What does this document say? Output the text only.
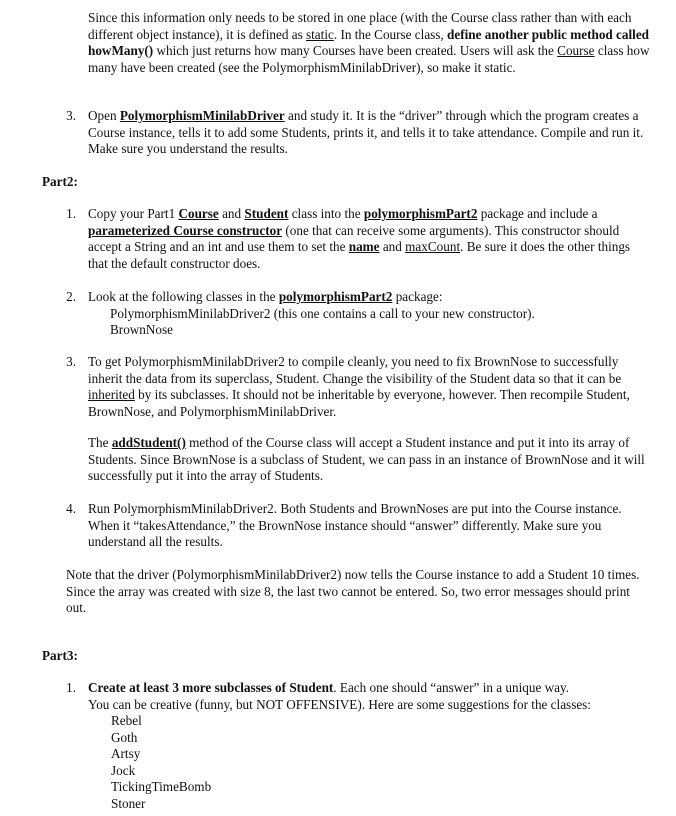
Since this information only needs to be stored in one place (with the Course class rather than with each different object instance), it is defined as static. In the Course class, define another public method called howMany() which just returns how many Courses have been created. Users will ask the Course class how many have been created (see the PolymorphismMinilabDriver), so make it static.

3. Open PolymorphismMinilabDriver and study it. It is the “driver” through which the program creates a Course instance, tells it to add some Students, prints it, and tells it to take attendance. Compile and run it. Make sure you understand the results.

Part2:
1. Copy your Part1 Course and Student class into the polymorphismPart2 package and include a parameterized Course constructor (one that can receive some arguments). This constructor should accept a String and an int and use them to set the name and maxCount. Be sure it does the other things that the default constructor does.

2. Look at the following classes in the polymorphismPart2 package:

PolymorphismMinilabDriver2 (this one contains a call to your new constructor).

BrownNose

3. To get PolymorphismMinilabDriver2 to compile cleanly, you need to fix BrownNose to successfully inherit the data from its superclass, Student. Change the visibility of the Student data so that it can be inherited by its subclasses. It should not be inheritable by everyone, however. Then recompile Student, BrownNose, and PolymorphismMinilabDriver.

The addStudent() method of the Course class will accept a Student instance and put it into its array of Students. Since BrownNose is a subclass of Student, we can pass in an instance of BrownNose and it will successfully put it into the array of Students.

4. Run PolymorphismMinilabDriver2. Both Students and BrownNoses are put into the Course instance. When it “takesAttendance,” the BrownNose instance should “answer” differently. Make sure you understand all the results.

Note that the driver (PolymorphismMinilabDriver2) now tells the Course instance to add a Student 10 times. Since the array was created with size 8, the last two cannot be entered. So, two error messages should print out.

Part3:
1. Create at least 3 more subclasses of Student. Each one should “answer” in a unique way.

You can be creative (funny, but NOT OFFENSIVE). Here are some suggestions for the classes:

Rebel

Goth

Artsy

Jock

TickingTimeBomb

Stoner
